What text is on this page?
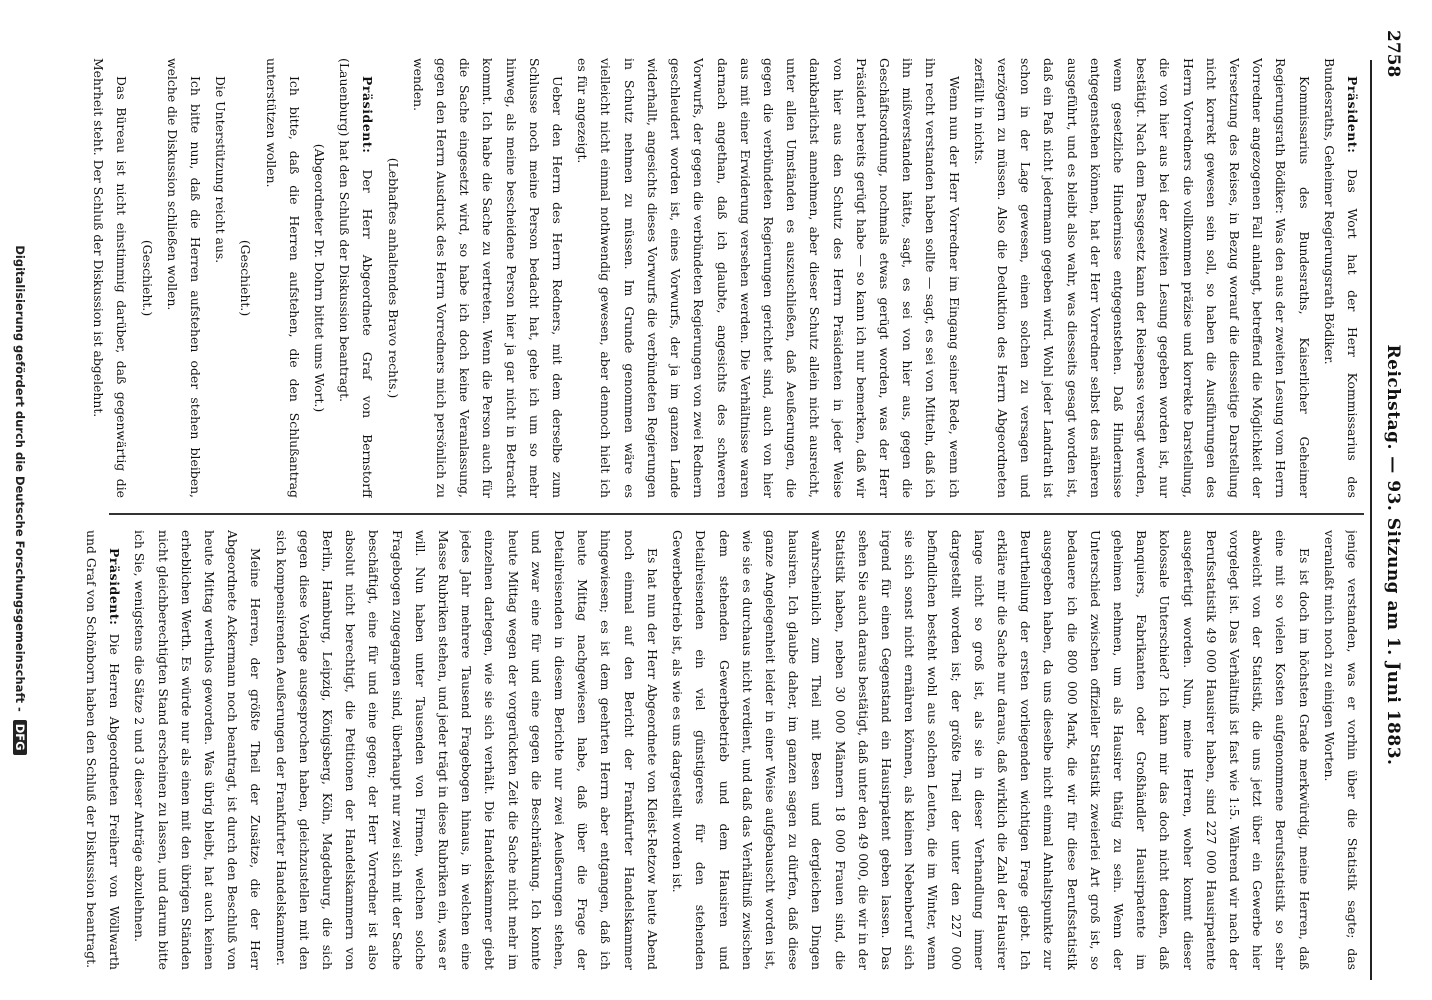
2758
Reichstag. — 93. Sitzung am 1. Juni 1883.

Präsident: Das Wort hat der Herr Kommissarius des Bundesraths, Geheimer Regierungsrath Bödiker.

Kommissarius des Bundesraths, Kaiserlicher Geheimer Regierungsrath Bödiker: Was den aus der zweiten Lesung vom Herrn Vorredner angezogenen Fall anlangt, betreffend die Möglichkeit der Versetzung des Reises, in Bezug worauf die diesseitige Darstellung nicht korrekt gewesen sein soll, so haben die Ausführungen des Herrn Vorredners die vollkommen präzise und korrekte Darstellung, die von hier aus bei der zweiten Lesung gegeben worden ist, nur bestätigt. Nach dem Passgesetz kann der Reisepass versagt werden, wenn gesetzliche Hindernisse entgegenstehen. Daß Hindernisse entgegenstehen können, hat der Herr Vorredner selbst des näheren ausgeführt, und es bleibt also wahr, was diesseits gesagt worden ist, daß ein Paß nicht jedermann gegeben wird. Wohl jeder Landrath ist schon in der Lage gewesen, einen solchen zu versagen und verzögern zu müssen. Also die Deduktion des Herrn Abgeordneten zerfällt in nichts.

Wenn nun der Herr Vorredner im Eingang seiner Rede, wenn ich ihn recht verstanden haben sollte — sagt, es sei von Mitteln, daß ich ihn mißverstanden hätte, sagt, es sei von hier aus, gegen die Geschäftsordnung, nochmals etwas gerügt worden, was der Herr Präsident bereits gerügt habe — so kann ich nur bemerken, daß wir von hier aus den Schutz des Herrn Präsidenten in jeder Weise dankbarlichst annehmen, aber dieser Schutz allein nicht ausreicht, unter allen Umständen es auszuschließen, daß Aeußerungen, die gegen die verbündeten Regierungen gerichtet sind, auch von hier aus mit einer Erwiderung versehen werden. Die Verhältnisse waren darnach angethan, daß ich glaubte, angesichts des schweren Vorwurfs, der gegen die verbündeten Regierungen von zwei Rednern geschleudert worden ist, eines Vorwurfs, der ja im ganzen Lande widerhallt, angesichts dieses Vorwurfs die verbündeten Regierungen in Schutz nehmen zu müssen. Im Grunde genommen wäre es vielleicht nicht einmal nothwendig gewesen, aber dennoch hielt ich es für angezeigt.

Ueber den Herrn des Herrn Redners, mit dem derselbe zum Schlusse noch meine Person bedacht hat, gehe ich um so mehr hinweg, als meine bescheidene Person hier ja gar nicht in Betracht kommt. Ich habe die Sache zu vertreten. Wenn die Person auch für die Sache eingesetzt wird, so habe ich doch keine Veranlassung, gegen den Herrn Ausdruck des Herrn Vorredners mich persönlich zu wenden.

(Lebhaftes anhaltendes Bravo rechts.)

Präsident: Der Herr Abgeordnete Graf von Bernstorff (Lauenburg) hat den Schluß der Diskussion beantragt.

(Abgeordneter Dr. Dohrn bittet ums Wort.)

Ich bitte, daß die Herren aufstehen, die den Schlußantrag unterstützen wollen.

(Geschieht.)

Die Unterstützung reicht aus.

Ich bitte nun, daß die Herren aufstehen oder stehen bleiben, welche die Diskussion schließen wollen.

(Geschieht.)

Das Büreau ist nicht einstimmig darüber, daß gegenwärtig die Mehrheit steht. Der Schluß der Diskussion ist abgelehnt.

jenige verstanden, was er vorhin über die Statistik sagte; das veranlaßt mich noch zu einigen Worten.

Es ist doch im höchsten Grade merkwürdig, meine Herren, daß eine mit so vielen Kosten aufgenommene Berufsstatistik so sehr abweicht von der Statistik, die uns jetzt über ein Gewerbe hier vorgelegt ist. Das Verhältniß ist fast wie 1:5. Während wir nach der Berufsstatistik 49 000 Hausirer haben, sind 227 000 Hausirpatente ausgefertigt worden. Nun, meine Herren, woher kommt dieser kolossale Unterschied? Ich kann mir das doch nicht denken, daß Banquiers, Fabrikanten oder Großhändler Hausirpatente im geheimen nehmen, um als Hausirer thätig zu sein. Wenn der Unterschied zwischen offizieller Statistik zweierlei Art groß ist, so bedauere ich die 800 000 Mark, die wir für diese Berufsstatistik ausgegeben haben, da uns dieselbe nicht einmal Anhaltspunkte zur Beurtheilung der ersten vorliegenden wichtigen Frage giebt. Ich erkläre mir die Sache nur daraus, daß wirklich die Zahl der Hausirer lange nicht so groß ist, als sie in dieser Verhandlung immer dargestellt worden ist; der größte Theil der unter den 227 000 befindlichen besteht wohl aus solchen Leuten, die im Winter, wenn sie sich sonst nicht ernähren können, als kleinen Nebenberuf sich irgend für einen Gegenstand ein Hausirpatent geben lassen. Das sehen Sie auch daraus bestätigt, daß unter den 49 000, die wir in der Statistik haben, neben 30 000 Männern 18 000 Frauen sind, die wahrscheinlich zum Theil mit Besen und dergleichen Dingen hausiren. Ich glaube daher, im ganzen sagen zu dürfen, daß diese ganze Angelegenheit leider in einer Weise aufgebauscht worden ist, wie sie es durchaus nicht verdient, und daß das Verhältniß zwischen dem stehenden Gewerbebetrieb und dem Hausiren und Detailreisenden ein viel günstigeres für den stehenden Gewerbebetrieb ist, als wie es uns dargestellt worden ist.

Es hat nun der Herr Abgeordnete von Kleist-Retzow heute Abend noch einmal auf den Bericht der Frankfurter Handelskammer hingewiesen; es ist dem geehrten Herrn aber entgangen, daß ich heute Mittag nachgewiesen habe, daß über die Frage der Detailreisenden in diesem Berichte nur zwei Aeußerungen stehen, und zwar eine für und eine gegen die Beschränkung. Ich konnte heute Mittag wegen der vorgerückten Zeit die Sache nicht mehr im einzelnen darlegen, wie sie sich verhält. Die Handelskammer giebt jedes Jahr mehrere Tausend Fragebogen hinaus, in welchen eine Masse Rubriken stehen, und jeder trägt in diese Rubriken ein, was er will. Nun haben unter Tausenden von Firmen, welchen solche Fragebogen zugegangen sind, überhaupt nur zwei sich mit der Sache beschäftigt, eine für und eine gegen; der Herr Vorredner ist also absolut nicht berechtigt, die Petitionen der Handelskammern von Berlin, Hamburg, Leipzig, Königsberg, Köln, Magdeburg, die sich gegen diese Vorlage ausgesprochen haben, gleichzustellen mit den sich kompensirenden Aeußerungen der Frankfurter Handelskammer.

Meine Herren, der größte Theil der Zusätze, die der Herr Abgeordnete Ackermann noch beantragt, ist durch den Beschluß von heute Mittag werthlos geworden. Was übrig bleibt, hat auch keinen erheblichen Werth. Es würde nur als einen mit den übrigen Ständen nicht gleichberechtigten Stand erscheinen zu lassen, und darum bitte ich Sie, wenigstens die Sätze 2 und 3 dieser Anträge abzulehnen.

Präsident: Die Herren Abgeordneten Freiherr von Wöllwarth und Graf von Schönborn haben den Schluß der Diskussion beantragt.

Digitalisierung gefördert durch die Deutsche Forschungsgemeinschaft - DFG
